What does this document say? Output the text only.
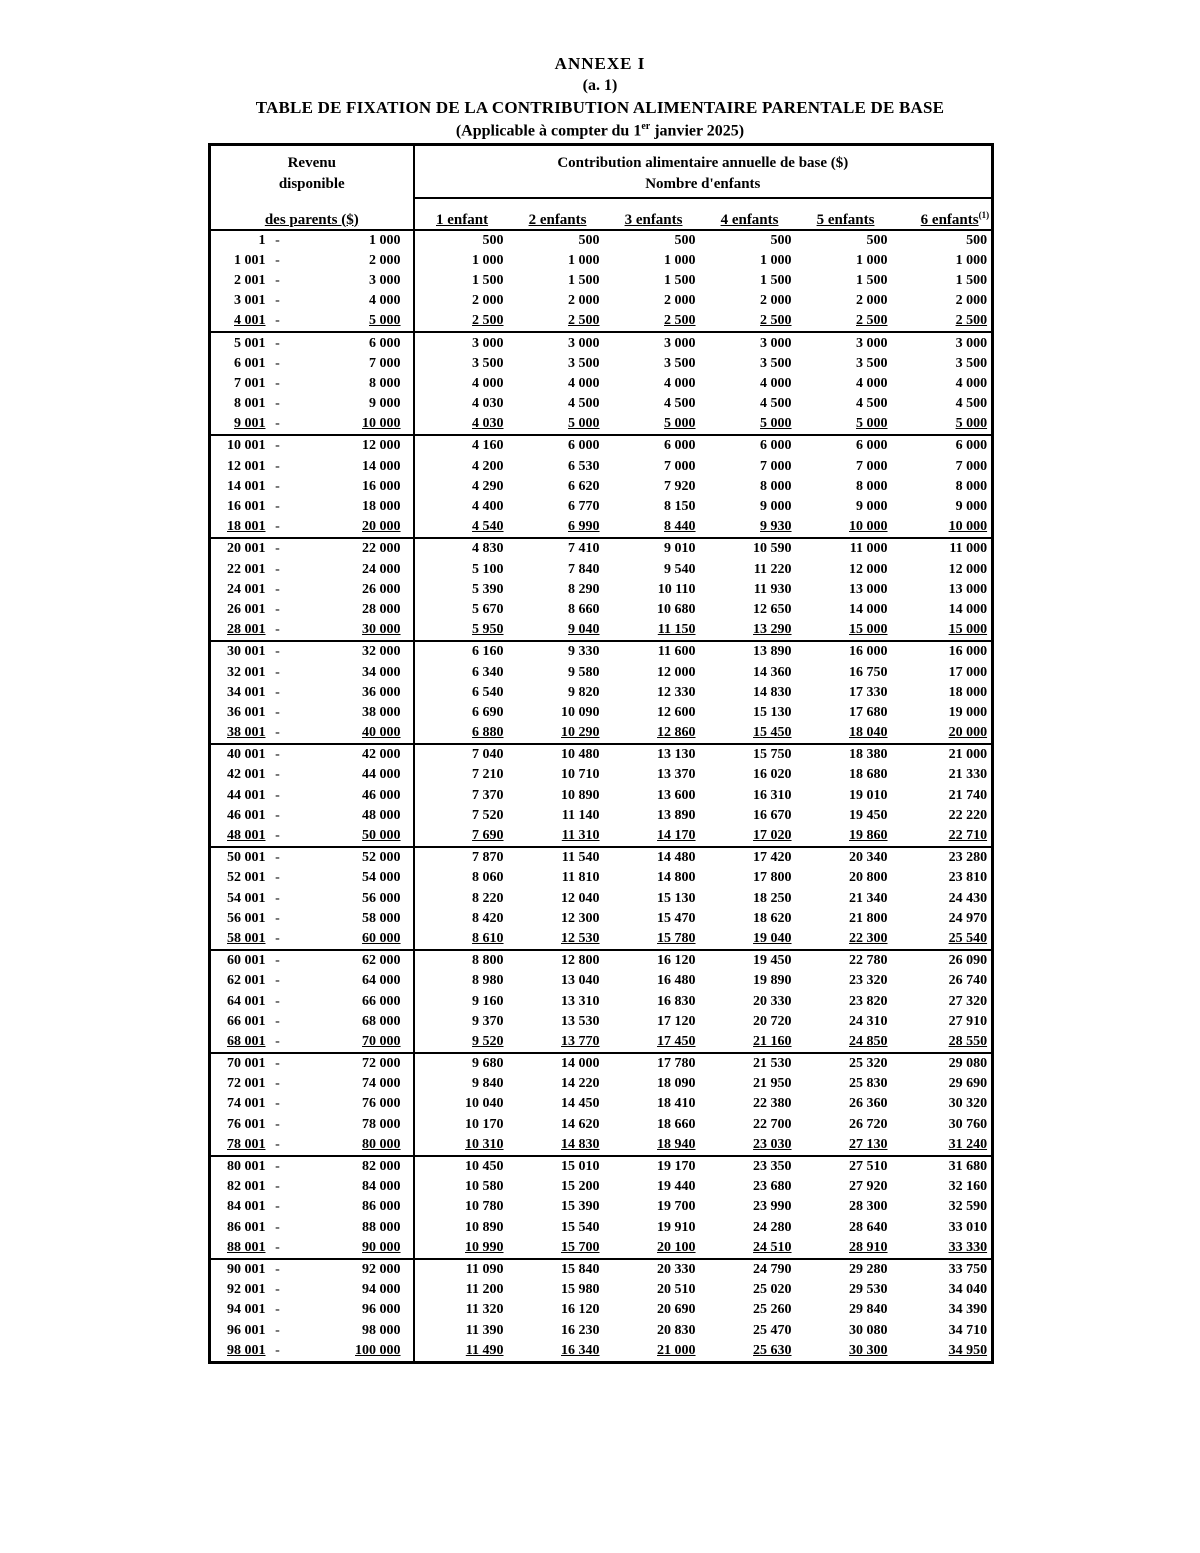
ANNEXE I
(a. 1)
TABLE DE FIXATION DE LA CONTRIBUTION ALIMENTAIRE PARENTALE DE BASE
(Applicable à compter du 1er janvier 2025)
Revenu			Contribution alimentaire annuelle de base ($)					
disponible			Nombre d'enfants					
des parents ($)			1 enfant	2 enfants	3 enfants	4 enfants	5 enfants	6 enfants$^{(1)}$
1	-	1 000	500	500	500	500	500	500
1 001	-	2 000	1 000	1 000	1 000	1 000	1 000	1 000
2 001	-	3 000	1 500	1 500	1 500	1 500	1 500	1 500
3 001	-	4 000	2 000	2 000	2 000	2 000	2 000	2 000
4 001	-	5 000	2 500	2 500	2 500	2 500	2 500	2 500
5 001	-	6 000	3 000	3 000	3 000	3 000	3 000	3 000
6 001	-	7 000	3 500	3 500	3 500	3 500	3 500	3 500
7 001	-	8 000	4 000	4 000	4 000	4 000	4 000	4 000
8 001	-	9 000	4 030	4 500	4 500	4 500	4 500	4 500
9 001	-	10 000	4 030	5 000	5 000	5 000	5 000	5 000
10 001	-	12 000	4 160	6 000	6 000	6 000	6 000	6 000
12 001	-	14 000	4 200	6 530	7 000	7 000	7 000	7 000
14 001	-	16 000	4 290	6 620	7 920	8 000	8 000	8 000
16 001	-	18 000	4 400	6 770	8 150	9 000	9 000	9 000
18 001	-	20 000	4 540	6 990	8 440	9 930	10 000	10 000
20 001	-	22 000	4 830	7 410	9 010	10 590	11 000	11 000
22 001	-	24 000	5 100	7 840	9 540	11 220	12 000	12 000
24 001	-	26 000	5 390	8 290	10 110	11 930	13 000	13 000
26 001	-	28 000	5 670	8 660	10 680	12 650	14 000	14 000
28 001	-	30 000	5 950	9 040	11 150	13 290	15 000	15 000
30 001	-	32 000	6 160	9 330	11 600	13 890	16 000	16 000
32 001	-	34 000	6 340	9 580	12 000	14 360	16 750	17 000
34 001	-	36 000	6 540	9 820	12 330	14 830	17 330	18 000
36 001	-	38 000	6 690	10 090	12 600	15 130	17 680	19 000
38 001	-	40 000	6 880	10 290	12 860	15 450	18 040	20 000
40 001	-	42 000	7 040	10 480	13 130	15 750	18 380	21 000
42 001	-	44 000	7 210	10 710	13 370	16 020	18 680	21 330
44 001	-	46 000	7 370	10 890	13 600	16 310	19 010	21 740
46 001	-	48 000	7 520	11 140	13 890	16 670	19 450	22 220
48 001	-	50 000	7 690	11 310	14 170	17 020	19 860	22 710
50 001	-	52 000	7 870	11 540	14 480	17 420	20 340	23 280
52 001	-	54 000	8 060	11 810	14 800	17 800	20 800	23 810
54 001	-	56 000	8 220	12 040	15 130	18 250	21 340	24 430
56 001	-	58 000	8 420	12 300	15 470	18 620	21 800	24 970
58 001	-	60 000	8 610	12 530	15 780	19 040	22 300	25 540
60 001	-	62 000	8 800	12 800	16 120	19 450	22 780	26 090
62 001	-	64 000	8 980	13 040	16 480	19 890	23 320	26 740
64 001	-	66 000	9 160	13 310	16 830	20 330	23 820	27 320
66 001	-	68 000	9 370	13 530	17 120	20 720	24 310	27 910
68 001	-	70 000	9 520	13 770	17 450	21 160	24 850	28 550
70 001	-	72 000	9 680	14 000	17 780	21 530	25 320	29 080
72 001	-	74 000	9 840	14 220	18 090	21 950	25 830	29 690
74 001	-	76 000	10 040	14 450	18 410	22 380	26 360	30 320
76 001	-	78 000	10 170	14 620	18 660	22 700	26 720	30 760
78 001	-	80 000	10 310	14 830	18 940	23 030	27 130	31 240
80 001	-	82 000	10 450	15 010	19 170	23 350	27 510	31 680
82 001	-	84 000	10 580	15 200	19 440	23 680	27 920	32 160
84 001	-	86 000	10 780	15 390	19 700	23 990	28 300	32 590
86 001	-	88 000	10 890	15 540	19 910	24 280	28 640	33 010
88 001	-	90 000	10 990	15 700	20 100	24 510	28 910	33 330
90 001	-	92 000	11 090	15 840	20 330	24 790	29 280	33 750
92 001	-	94 000	11 200	15 980	20 510	25 020	29 530	34 040
94 001	-	96 000	11 320	16 120	20 690	25 260	29 840	34 390
96 001	-	98 000	11 390	16 230	20 830	25 470	30 080	34 710
98 001	-	100 000	11 490	16 340	21 000	25 630	30 300	34 950
